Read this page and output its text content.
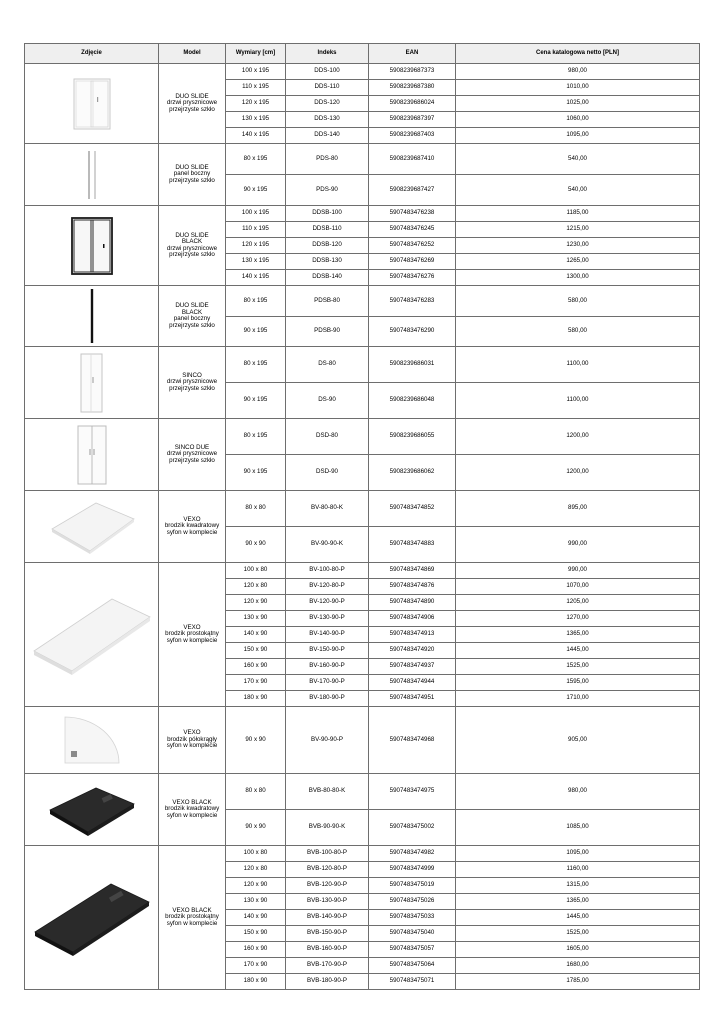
Zdjęcie	Model	Wymiary [cm]	Indeks	EAN	Cena katalogowa netto [PLN]

DUO SLIDE
drzwi prysznicowe
przejrzyste szkło	100 x 195	DDS-100	5908239687373	980,00
		110 x 195	DDS-110	5908239687380	1010,00
		120 x 195	DDS-120	5908239686024	1025,00
		130 x 195	DDS-130	5908239687397	1060,00
		140 x 195	DDS-140	5908239687403	1095,00

DUO SLIDE
panel boczny
przejrzyste szkło	80 x 195	PDS-80	5908239687410	540,00
		90 x 195	PDS-90	5908239687427	540,00

DUO SLIDE
BLACK
drzwi prysznicowe
przejrzyste szkło	100 x 195	DDSB-100	5907483476238	1185,00
		110 x 195	DDSB-110	5907483476245	1215,00
		120 x 195	DDSB-120	5907483476252	1230,00
		130 x 195	DDSB-130	5907483476269	1265,00
		140 x 195	DDSB-140	5907483476276	1300,00

DUO SLIDE
BLACK
panel boczny
przejrzyste szkło	80 x 195	PDSB-80	5907483476283	580,00
		90 x 195	PDSB-90	5907483476290	580,00

SINCO
drzwi prysznicowe
przejrzyste szkło	80 x 195	DS-80	5908239686031	1100,00
		90 x 195	DS-90	5908239686048	1100,00

SINCO DUE
drzwi prysznicowe
przejrzyste szkło	80 x 195	DSD-80	5908239686055	1200,00
		90 x 195	DSD-90	5908239686062	1200,00

VEXO
brodzik kwadratowy
syfon w komplecie	80 x 80	BV-80-80-K	5907483474852	895,00
		90 x 90	BV-90-90-K	5907483474883	990,00

VEXO
brodzik prostokątny
syfon w komplecie	100 x 80	BV-100-80-P	5907483474869	990,00
		120 x 80	BV-120-80-P	5907483474876	1070,00
		120 x 90	BV-120-90-P	5907483474890	1205,00
		130 x 90	BV-130-90-P	5907483474906	1270,00
		140 x 90	BV-140-90-P	5907483474913	1365,00
		150 x 90	BV-150-90-P	5907483474920	1445,00
		160 x 90	BV-160-90-P	5907483474937	1525,00
		170 x 90	BV-170-90-P	5907483474944	1595,00
		180 x 90	BV-180-90-P	5907483474951	1710,00

VEXO
brodzik półokrągły
syfon w komplecie	90 x 90	BV-90-90-P	5907483474968	905,00

VEXO BLACK
brodzik kwadratowy
syfon w komplecie	80 x 80	BVB-80-80-K	5907483474975	980,00
		90 x 90	BVB-90-90-K	5907483475002	1085,00

VEXO BLACK
brodzik prostokątny
syfon w komplecie	100 x 80	BVB-100-80-P	5907483474982	1095,00
		120 x 80	BVB-120-80-P	5907483474999	1160,00
		120 x 90	BVB-120-90-P	5907483475019	1315,00
		130 x 90	BVB-130-90-P	5907483475026	1365,00
		140 x 90	BVB-140-90-P	5907483475033	1445,00
		150 x 90	BVB-150-90-P	5907483475040	1525,00
		160 x 90	BVB-160-90-P	5907483475057	1605,00
		170 x 90	BVB-170-90-P	5907483475064	1680,00
		180 x 90	BVB-180-90-P	5907483475071	1785,00
